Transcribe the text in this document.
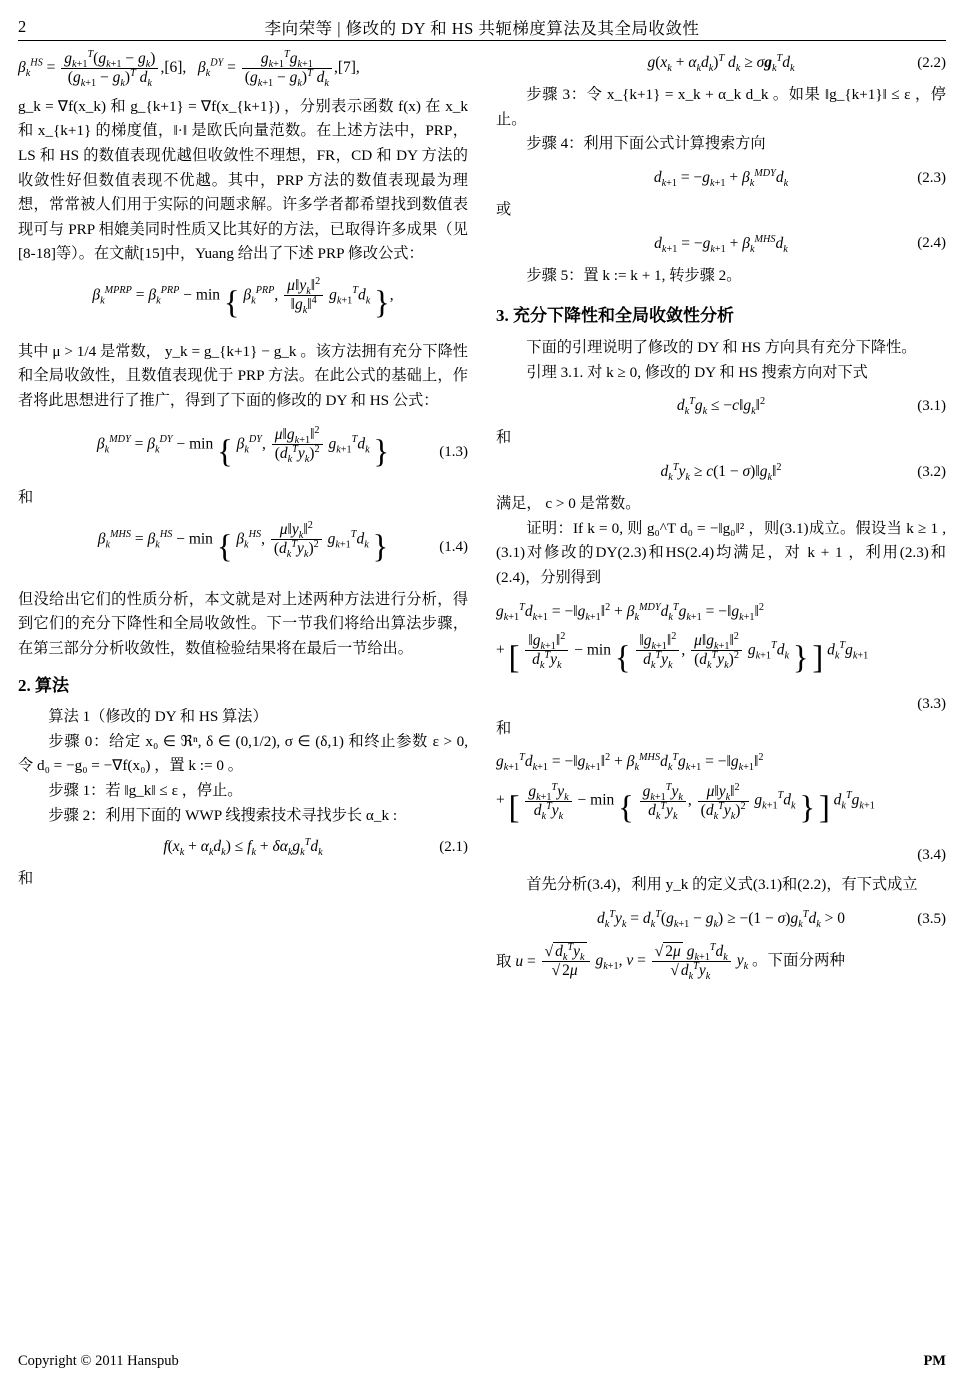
2	李向荣等 | 修改的 DY 和 HS 共轭梯度算法及其全局收敛性
$\beta_k^{HS} = \frac{g_{k+1}^T(g_{k+1} - g_k)}{(g_{k+1} - g_k)^T d_k} ,[6]$,   $\beta_k^{DY} = \frac{g_{k+1}^Tg_{k+1}}{(g_{k+1} - g_k)^T d_k} ,[7]$,

g_k = ∇f(x_k) 和 g_{k+1} = ∇f(x_{k+1}) ，分别表示函数 f(x) 在 x_k 和 x_{k+1} 的梯度值，‖·‖ 是欧氏向量范数。在上述方法中，PRP，LS 和 HS 的数值表现优越但收敛性不理想，FR，CD 和 DY 方法的收敛性好但数值表现不优越。其中，PRP 方法的数值表现最为理想，常常被人们用于实际的问题求解。许多学者都希望找到数值表现可与 PRP 相媲美同时性质又比其好的方法，已取得许多成果（见[8-18]等）。在文献[15]中，Yuang 给出了下述 PRP 修改公式：

$\beta_k^{MPRP} = \beta_k^{PRP} - \min$ { $\beta_k^{PRP}$, $\frac{\mu‖y_k‖^2}{‖g_k‖^4} g_{k+1}^Td_k$ },

其中 μ > 1/4 是常数， y_k = g_{k+1} − g_k 。该方法拥有充分下降性和全局收敛性，且数值表现优于 PRP 方法。在此公式的基础上，作者将此思想进行了推广，得到了下面的修改的 DY 和 HS 公式：

$\beta_k^{MDY} = \beta_k^{DY} - \min$ { $\beta_k^{DY}$, $\frac{\mu‖g_{k+1}‖^2}{(d_k^Ty_k)^2} g_{k+1}^Td_k$ }	(1.3)

和

$\beta_k^{MHS} = \beta_k^{HS} - \min$ { $\beta_k^{HS}$, $\frac{\mu‖y_k‖^2}{(d_k^Ty_k)^2} g_{k+1}^Td_k$ }	(1.4)

但没给出它们的性质分析，本文就是对上述两种方法进行分析，得到它们的充分下降性和全局收敛性。下一节我们将给出算法步骤，在第三部分分析收敛性，数值检验结果将在最后一节给出。

2. 算法

算法 1（修改的 DY 和 HS 算法）

步骤 0：给定 x₀ ∈ ℜⁿ, δ ∈ (0,1/2), σ ∈ (δ,1) 和终止参数 ε > 0, 令 d₀ = −g₀ = −∇f(x₀) ，置 k := 0 。

步骤 1：若 ‖g_k‖ ≤ ε ，停止。

步骤 2：利用下面的 WWP 线搜索技术寻找步长 α_k :

$f(x_k + \alpha_kd_k) \le f_k + \delta\alpha_kg_k^Td_k$	(2.1)

和

$g(x_k + \alpha_kd_k)^T$ $d_k \ge \sigma g_k^Td_k$	(2.2)

步骤 3：令 x_{k+1} = x_k + α_k d_k 。如果 ‖g_{k+1}‖ ≤ ε ，停止。

步骤 4：利用下面公式计算搜索方向

$d_{k+1} = -g_{k+1} + \beta_k^{MDY}d_k$	(2.3)

或

$d_{k+1} = -g_{k+1} + \beta_k^{MHS}d_k$	(2.4)

步骤 5：置 k := k + 1, 转步骤 2。

3. 充分下降性和全局收敛性分析

下面的引理说明了修改的 DY 和 HS 方向具有充分下降性。

引理 3.1. 对 k ≥ 0, 修改的 DY 和 HS 搜索方向对下式

$d_k^Tg_k$ ≤ $-c‖g_k‖^2$	(3.1)

和

$d_k^Ty_k \ge c(1$ − $\sigma)‖g_k‖^2$	(3.2)

满足， c > 0 是常数。

证明：If k = 0, 则 g₀^T d₀ = −‖g₀‖² ，则(3.1)成立。假设当 k ≥ 1 , (3.1)对修改的DY(2.3)和HS(2.4)均满足，对 k + 1 ，利用(2.3)和(2.4)，分别得到

$g_{k+1}^Td_{k+1}$ = $-‖g_{k+1}‖^2 + \beta_k^{MDY}d_k^Tg_{k+1}$ = $-‖g_{k+1}‖^2$
+ [ $\frac{‖g_{k+1}‖^2}{d_k^Ty_k} - \min$ { $\frac{‖g_{k+1}‖^2}{d_k^Ty_k}$ , $\frac{\mu‖g_{k+1}‖^2}{(d_k^Ty_k)^2} g_{k+1}^Td_k$ } ] $d_k^Tg_{k+1}$
(3.3)

和

$g_{k+1}^Td_{k+1}$ = $-‖g_{k+1}‖^2 + \beta_k^{MHS}d_k^Tg_{k+1}$ = $-‖g_{k+1}‖^2$
+ [ $\frac{g_{k+1}^Ty_k}{d_k^Ty_k} - \min$ { $\frac{g_{k+1}^Ty_k}{d_k^Ty_k}$ , $\frac{\mu‖y_k‖^2}{(d_k^Ty_k)^2} g_{k+1}^Td_k$ } ] $d_k^Tg_{k+1}$
(3.4)

首先分析(3.4)，利用 y_k 的定义式(3.1)和(2.2)，有下式成立

$d_k^Ty_k = d_k^T(g_{k+1} - g_k) \ge -(1 - \sigma)g_k^Td_k > 0$	(3.5)
取 $u = \frac{√ d_k^Ty_k}{√ 2\mu} g_{k+1}$, $v = \frac{√ 2\mu g_{k+1}^Td_k}{√ d_k^Ty_k} y_k$ 。下面分两种
Copyright © 2011 Hanspub	PM
